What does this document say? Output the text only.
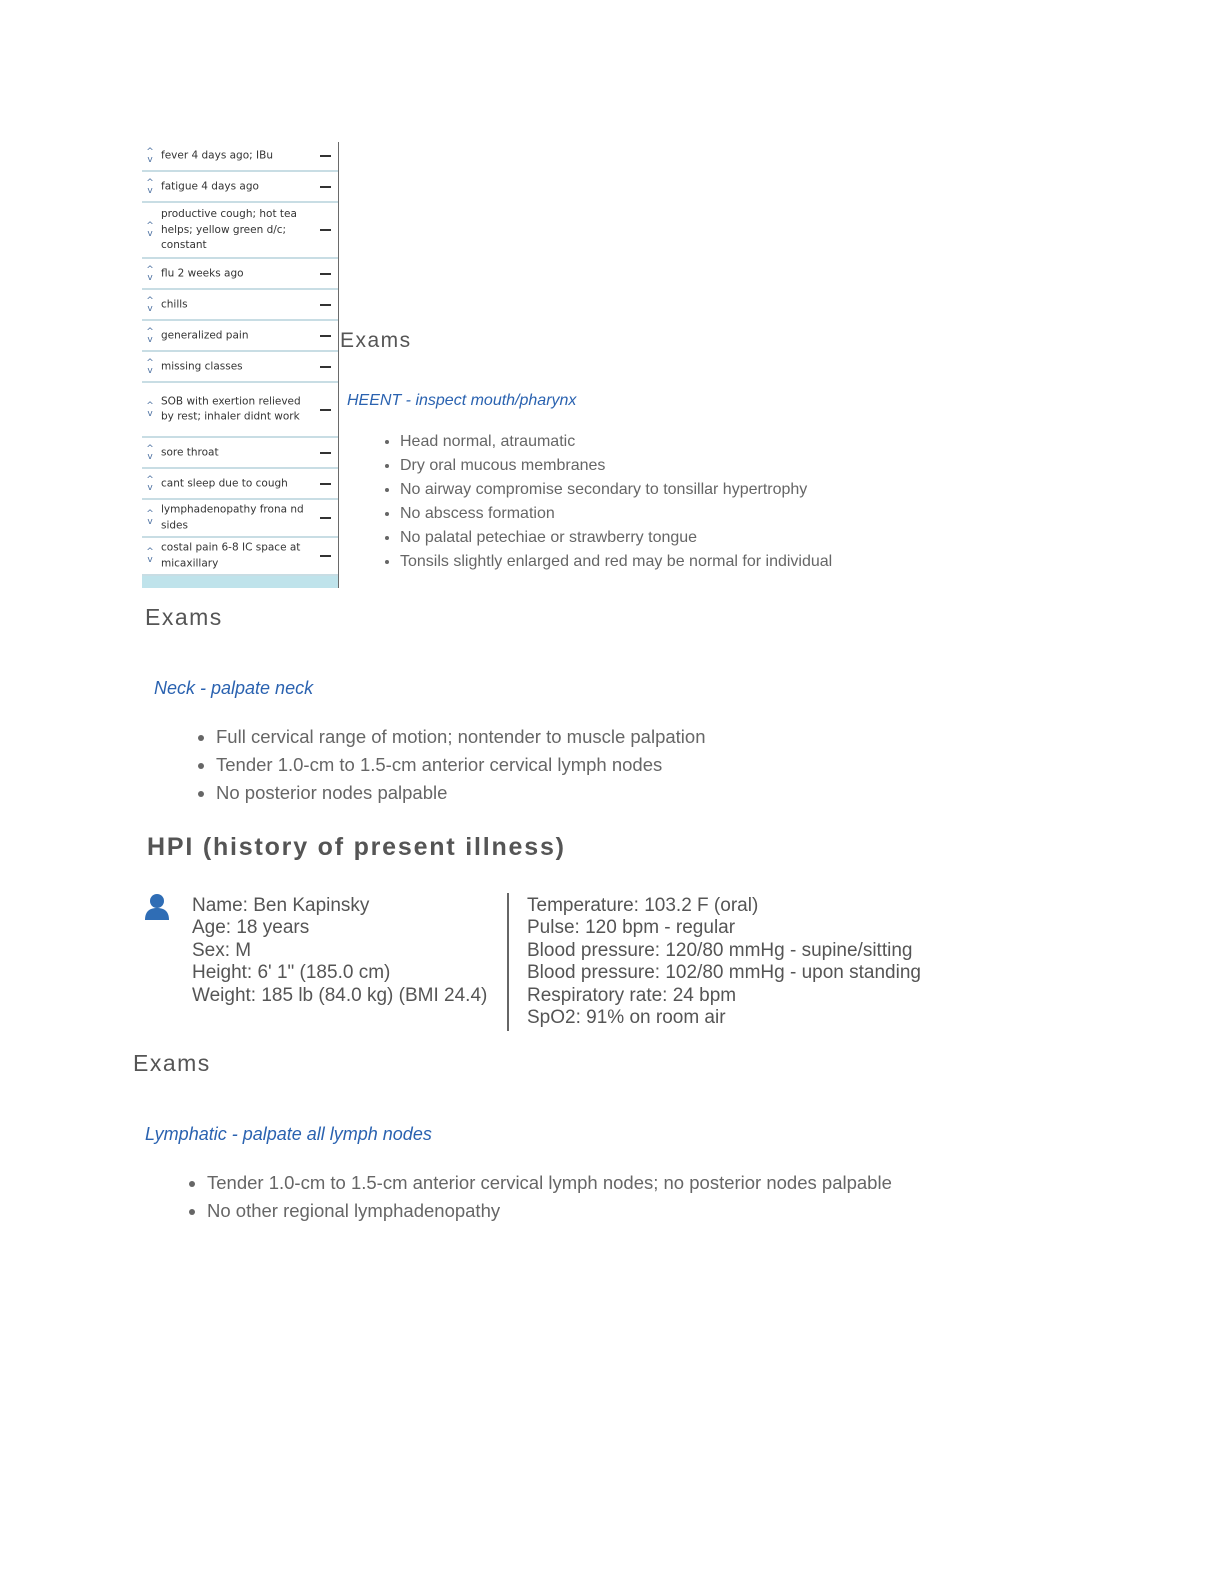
^
v fever 4 days ago; IBu
^
v fatigue 4 days ago
^
v
productive cough; hot tea helps; yellow green d/c; constant
^
v flu 2 weeks ago
^
v chills
^
v generalized pain
^
v missing classes
^
v
SOB with exertion relieved by rest; inhaler didnt work
^
v sore throat
^
v cant sleep due to cough
^
v
lymphadenopathy frona nd sides
^
v
costal pain 6-8 IC space at micaxillary
Exams
HEENT - inspect mouth/pharynx
• Head normal, atraumatic
• Dry oral mucous membranes
• No airway compromise secondary to tonsillar hypertrophy
• No abscess formation
• No palatal petechiae or strawberry tongue
• Tonsils slightly enlarged and red may be normal for individual
Exams
Neck - palpate neck
• Full cervical range of motion; nontender to muscle palpation
• Tender 1.0-cm to 1.5-cm anterior cervical lymph nodes
• No posterior nodes palpable
HPI (history of present illness)
Name: Ben Kapinsky
Age: 18 years
Sex: M
Height: 6' 1" (185.0 cm)
Weight: 185 lb (84.0 kg) (BMI 24.4)
Temperature: 103.2 F (oral)
Pulse: 120 bpm - regular
Blood pressure: 120/80 mmHg - supine/sitting
Blood pressure: 102/80 mmHg - upon standing
Respiratory rate: 24 bpm
SpO2: 91% on room air
Exams
Lymphatic - palpate all lymph nodes
• Tender 1.0-cm to 1.5-cm anterior cervical lymph nodes; no posterior nodes palpable
• No other regional lymphadenopathy
